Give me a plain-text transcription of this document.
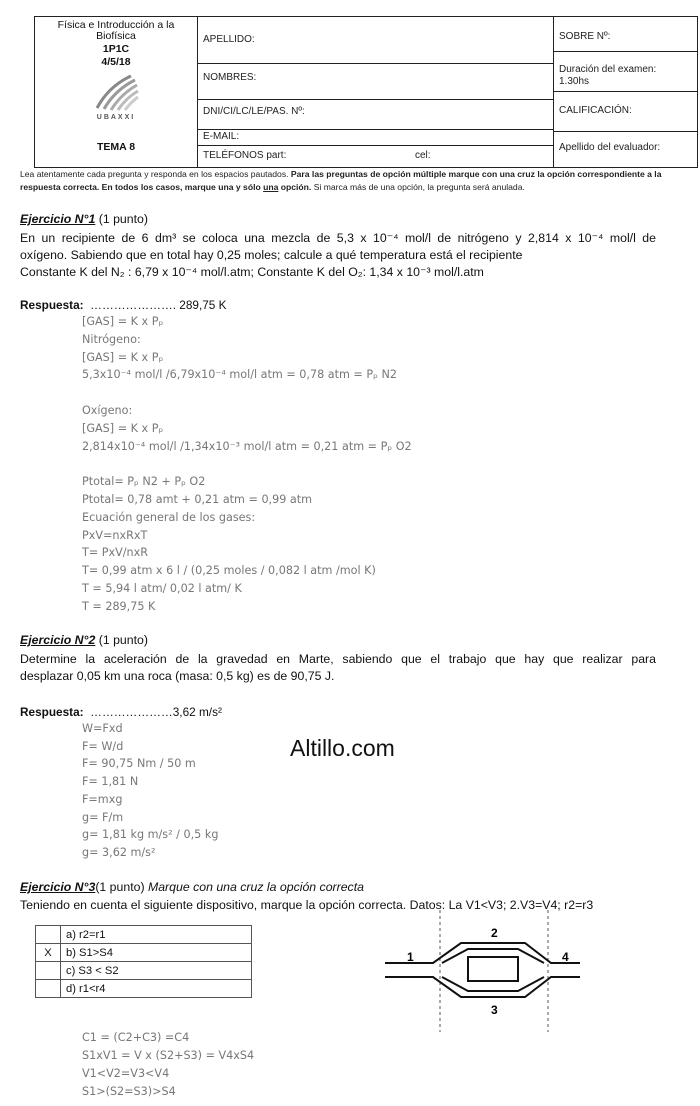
Física e Introducción a la
Biofísica
1P1C
4/5/18
UBAXXI
TEMA 8
APELLIDO:
NOMBRES:
DNI/CI/LC/LE/PAS. Nº:
E-MAIL:
TELÉFONOS part:	cel:
SOBRE Nº:
Duración del examen:
1.30hs
CALIFICACIÓN:
Apellido del evaluador:
Lea atentamente cada pregunta y responda en los espacios pautados. Para las preguntas de opción múltiple marque con una cruz la opción correspondiente a la respuesta correcta. En todos los casos, marque una y sólo una opción. Si marca más de una opción, la pregunta será anulada.
Ejercicio N°1 (1 punto)
En un recipiente de 6 dm³ se coloca una mezcla de 5,3 x 10⁻⁴ mol/l de nitrógeno y 2,814 x 10⁻⁴ mol/l de
oxígeno. Sabiendo que en total hay 0,25 moles; calcule a qué temperatura está el recipiente
Constante K del N₂ : 6,79 x 10⁻⁴ mol/l.atm; Constante K del O₂: 1,34 x 10⁻³ mol/l.atm
Respuesta: …………………. 289,75 K
[GAS] = K x Pₚ
Nitrógeno:
[GAS] = K x Pₚ
5,3x10⁻⁴ mol/l /6,79x10⁻⁴ mol/l atm = 0,78 atm = Pₚ N2
Oxígeno:
[GAS] = K x Pₚ
2,814x10⁻⁴ mol/l /1,34x10⁻³ mol/l atm = 0,21 atm = Pₚ O2
Ptotal= Pₚ N2 + Pₚ O2
Ptotal= 0,78 amt + 0,21 atm = 0,99 atm
Ecuación general de los gases:
PxV=nxRxT
T= PxV/nxR
T= 0,99 atm x 6 l / (0,25 moles / 0,082 l atm /mol K)
T = 5,94 l atm/ 0,02 l atm/ K
T = 289,75 K
Ejercicio N°2 (1 punto)
Determine la aceleración de la gravedad en Marte, sabiendo que el trabajo que hay que realizar para
desplazar 0,05 km una roca (masa: 0,5 kg) es de 90,75 J.
Respuesta: …………………3,62 m/s²
W=Fxd
F= W/d
F= 90,75 Nm / 50 m
F= 1,81 N
F=mxg
g= F/m
g= 1,81 kg m/s² / 0,5 kg
g= 3,62 m/s²
Altillo.com
Ejercicio N°3(1 punto) Marque con una cruz la opción correcta
Teniendo en cuenta el siguiente dispositivo, marque la opción correcta. Datos: La V1<V3; 2.V3=V4; r2=r3
	a) r2=r1
X	b) S1>S4
	c) S3 < S2
	d) r1<r4
1
2
3
4
C1 = (C2+C3) =C4
S1xV1 = V x (S2+S3) = V4xS4
V1<V2=V3<V4
S1>(S2=S3)>S4
